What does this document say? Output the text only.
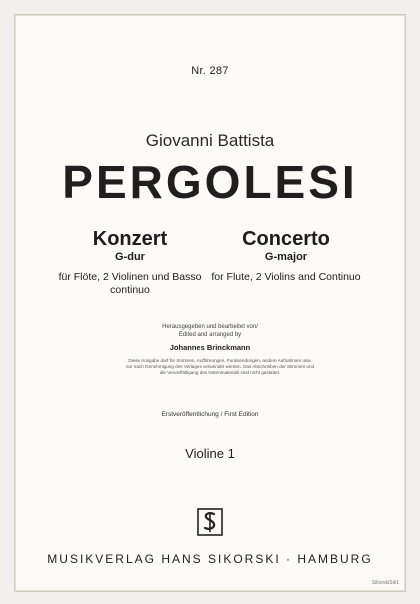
Nr. 287
Giovanni Battista
PERGOLESI
Konzert
G-dur
für Flöte, 2 Violinen und Basso continuo
Concerto
G-major
for Flute, 2 Violins and Continuo
Herausgegeben und bearbeitet von/
Edited and arranged by
Johannes Brinckmann
Diese Ausgabe darf für Stimmen, Aufführungen, Funksendungen, andere Aufnahmen usw. nur nach Genehmigung des Verlages verwendet werden. Das Abschreiben der Stimmen und die Vervielfältigung des Notenmaterials sind nicht gestattet.
Erstveröffentlichung / First Edition
Violine 1
MUSIKVERLAG HANS SIKORSKI · HAMBURG
SikorskiSik1
